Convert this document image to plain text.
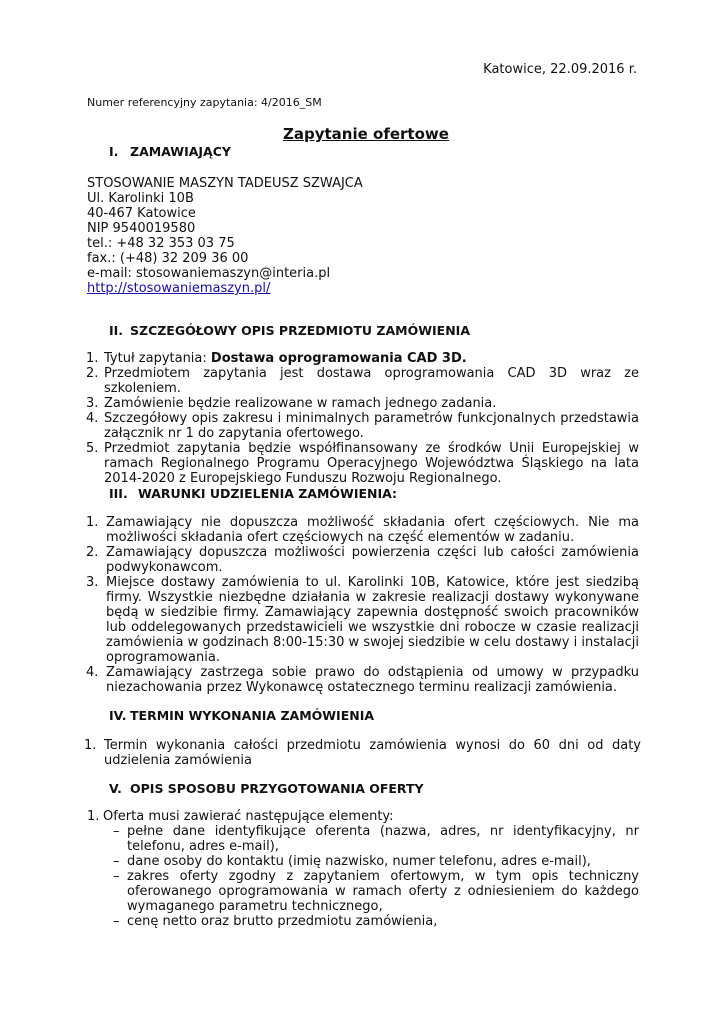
Katowice, 22.09.2016 r.
Numer referencyjny zapytania: 4/2016_SM
Zapytanie ofertowe
I. ZAMAWIAJĄCY
STOSOWANIE MASZYN TADEUSZ SZWAJCA
Ul. Karolinki 10B
40-467 Katowice
NIP 9540019580
tel.: +48 32 353 03 75
fax.: (+48) 32 209 36 00
e-mail: stosowaniemaszyn@interia.pl
http://stosowaniemaszyn.pl/
II. SZCZEGÓŁOWY OPIS PRZEDMIOTU ZAMÓWIENIA
1. Tytuł zapytania: Dostawa oprogramowania CAD 3D.
2. Przedmiotem zapytania jest dostawa oprogramowania CAD 3D wraz ze szkoleniem.
3. Zamówienie będzie realizowane w ramach jednego zadania.
4. Szczegółowy opis zakresu i minimalnych parametrów funkcjonalnych przedstawia załącznik nr 1 do zapytania ofertowego.
5. Przedmiot zapytania będzie współfinansowany ze środków Unii Europejskiej w ramach Regionalnego Programu Operacyjnego Województwa Śląskiego na lata 2014-2020 z Europejskiego Funduszu Rozwoju Regionalnego.
III. WARUNKI UDZIELENIA ZAMÓWIENIA:
1. Zamawiający nie dopuszcza możliwość składania ofert częściowych. Nie ma możliwości składania ofert częściowych na część elementów w zadaniu.
2. Zamawiający dopuszcza możliwości powierzenia części lub całości zamówienia podwykonawcom.
3. Miejsce dostawy zamówienia to ul. Karolinki 10B, Katowice, które jest siedzibą firmy. Wszystkie niezbędne działania w zakresie realizacji dostawy wykonywane będą w siedzibie firmy. Zamawiający zapewnia dostępność swoich pracowników lub oddelegowanych przedstawicieli we wszystkie dni robocze w czasie realizacji zamówienia w godzinach 8:00-15:30 w swojej siedzibie w celu dostawy i instalacji oprogramowania.
4. Zamawiający zastrzega sobie prawo do odstąpienia od umowy w przypadku niezachowania przez Wykonawcę ostatecznego terminu realizacji zamówienia.
IV. TERMIN WYKONANIA ZAMÓWIENIA
1. Termin wykonania całości przedmiotu zamówienia wynosi do 60 dni od daty udzielenia zamówienia
V. OPIS SPOSOBU PRZYGOTOWANIA OFERTY
1. Oferta musi zawierać następujące elementy:
– pełne dane identyfikujące oferenta (nazwa, adres, nr identyfikacyjny, nr telefonu, adres e-mail),
– dane osoby do kontaktu (imię nazwisko, numer telefonu, adres e-mail),
– zakres oferty zgodny z zapytaniem ofertowym, w tym opis techniczny oferowanego oprogramowania w ramach oferty z odniesieniem do każdego wymaganego parametru technicznego,
– cenę netto oraz brutto przedmiotu zamówienia,
